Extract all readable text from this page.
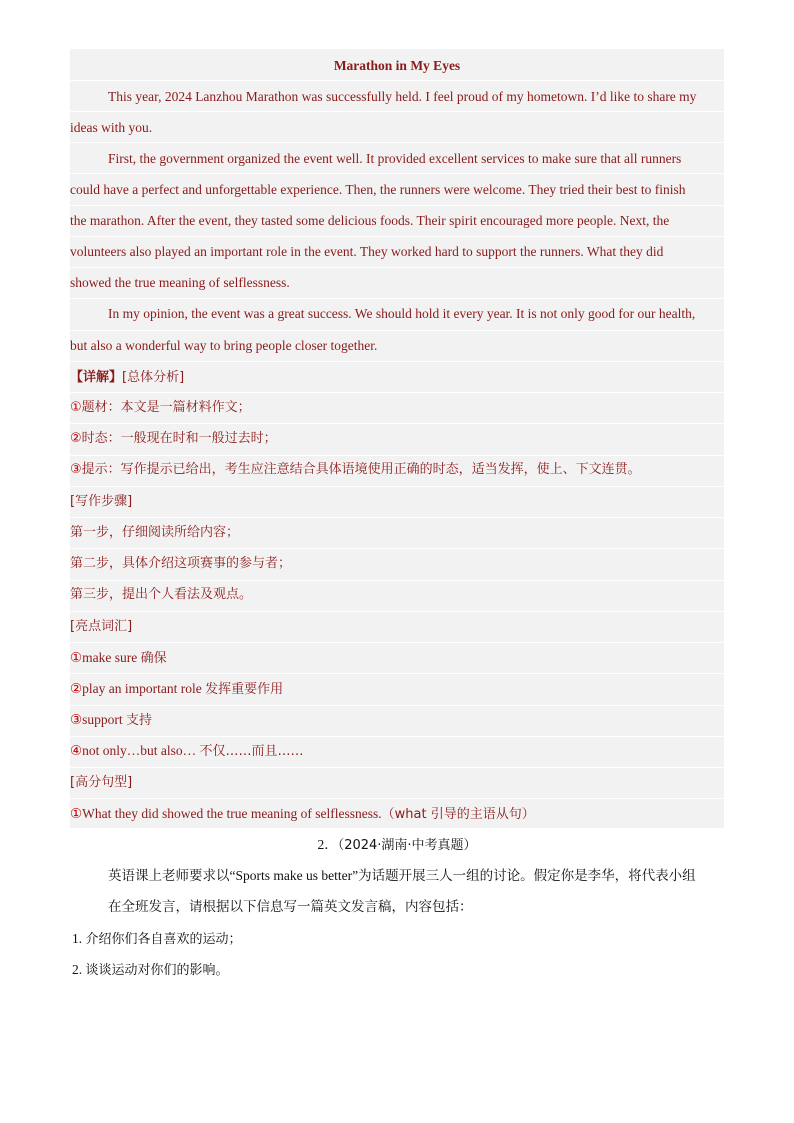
Marathon in My Eyes
This year, 2024 Lanzhou Marathon was successfully held. I feel proud of my hometown. I’d like to share my
ideas with you.
First, the government organized the event well. It provided excellent services to make sure that all runners
could have a perfect and unforgettable experience. Then, the runners were welcome. They tried their best to finish
the marathon. After the event, they tasted some delicious foods. Their spirit encouraged more people. Next, the
volunteers also played an important role in the event. They worked hard to support the runners. What they did
showed the true meaning of selflessness.
In my opinion, the event was a great success. We should hold it every year. It is not only good for our health,
but also a wonderful way to bring people closer together.
【详解】[总体分析]
①题材：本文是一篇材料作文；
②时态：一般现在时和一般过去时；
③提示：写作提示已给出，考生应注意结合具体语境使用正确的时态，适当发挥，使上、下文连贯。
[写作步骤]
第一步，仔细阅读所给内容；
第二步，具体介绍这项赛事的参与者；
第三步，提出个人看法及观点。
[亮点词汇]
①make sure 确保
②play an important role 发挥重要作用
③support 支持
④not only…but also… 不仅……而且……
[高分句型]
①What they did showed the true meaning of selflessness.（what 引导的主语从句）
2．（2024·湖南·中考真题）
英语课上老师要求以“Sports make us better”为话题开展三人一组的讨论。假定你是李华，将代表小组
在全班发言，请根据以下信息写一篇英文发言稿，内容包括：
1. 介绍你们各自喜欢的运动；
2. 谈谈运动对你们的影响。
